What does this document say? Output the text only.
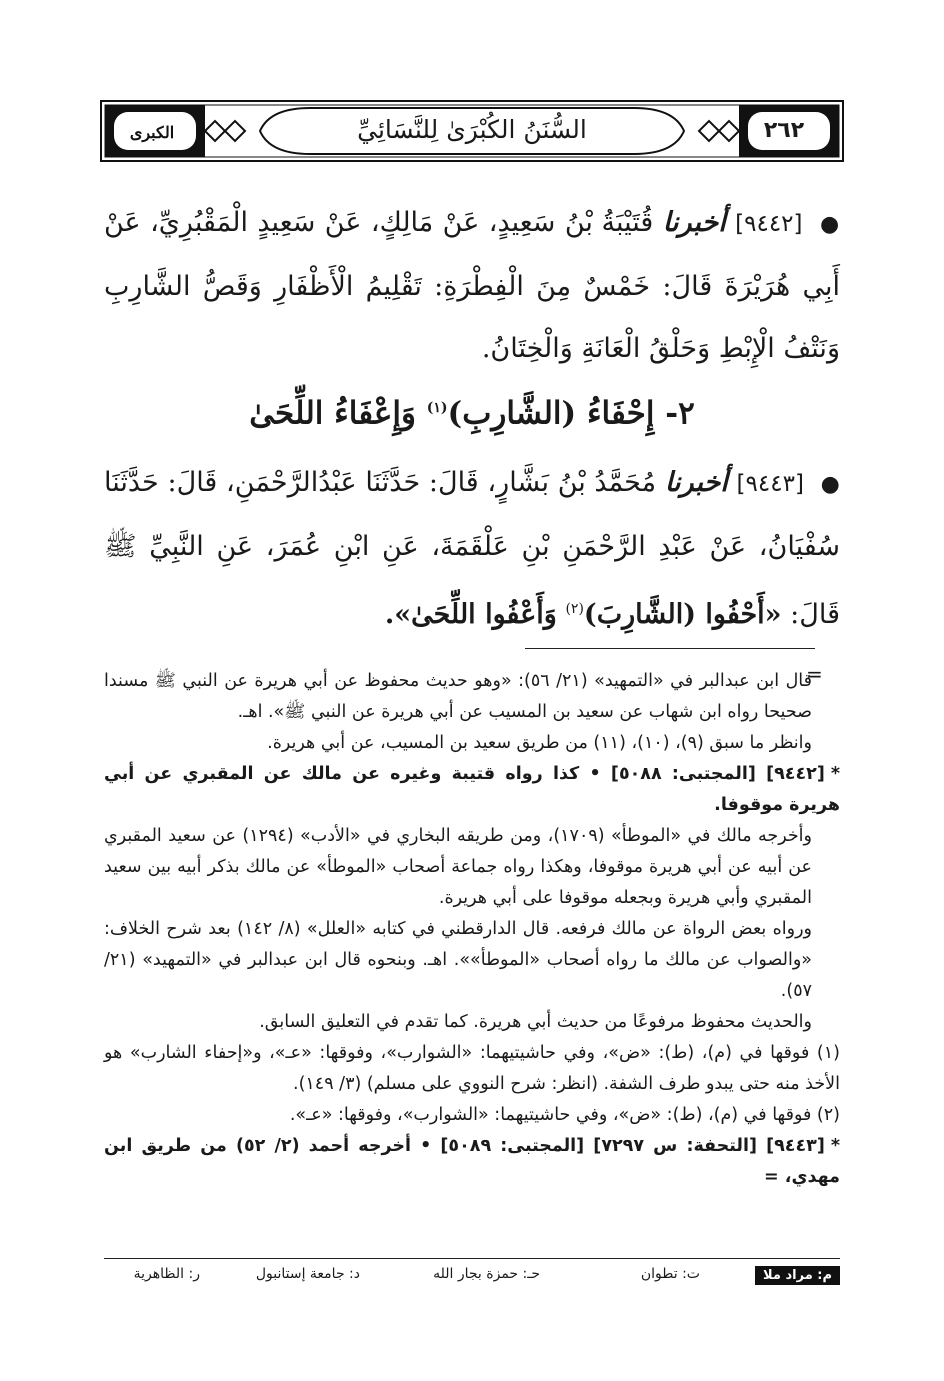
الكبرى	السُّنَنُ الكُبْرَىٰ لِلنَّسَائِيِّ	٢٦٢
● [٩٤٤٢] أخبرنا قُتَيْبَةُ بْنُ سَعِيدٍ، عَنْ مَالِكٍ، عَنْ سَعِيدٍ الْمَقْبُرِيِّ، عَنْ أَبِي هُرَيْرَةَ قَالَ: خَمْسٌ مِنَ الْفِطْرَةِ: تَقْلِيمُ الْأَظْفَارِ وَقَصُّ الشَّارِبِ وَنَتْفُ الْإِبْطِ وَحَلْقُ الْعَانَةِ وَالْخِتَانُ.
٢- إِحْفَاءُ (الشَّارِبِ)$^{(١)}$ وَإِعْفَاءُ اللِّحَىٰ
● [٩٤٤٣] أخبرنا مُحَمَّدُ بْنُ بَشَّارٍ، قَالَ: حَدَّثَنَا عَبْدُالرَّحْمَنِ، قَالَ: حَدَّثَنَا سُفْيَانُ، عَنْ عَبْدِ الرَّحْمَنِ بْنِ عَلْقَمَةَ، عَنِ ابْنِ عُمَرَ، عَنِ النَّبِيِّ ﷺ قَالَ: «أَحْفُوا (الشَّارِبَ)$^{(٢)}$ وَأَعْفُوا اللِّحَىٰ».
=
قال ابن عبدالبر في «التمهيد» (٢١/ ٥٦): «وهو حديث محفوظ عن أبي هريرة عن النبي ﷺ مسندا صحيحا رواه ابن شهاب عن سعيد بن المسيب عن أبي هريرة عن النبي ﷺ». اهـ.
وانظر ما سبق (٩)، (١٠)، (١١) من طريق سعيد بن المسيب، عن أبي هريرة.
*[٩٤٤٢] [المجتبى: ٥٠٨٨] • كذا رواه قتيبة وغيره عن مالك عن المقبري عن أبي هريرة موقوفا.
وأخرجه مالك في «الموطأ» (١٧٠٩)، ومن طريقه البخاري في «الأدب» (١٢٩٤) عن سعيد المقبري عن أبيه عن أبي هريرة موقوفا، وهكذا رواه جماعة أصحاب «الموطأ» عن مالك بذكر أبيه بين سعيد المقبري وأبي هريرة وبجعله موقوفا على أبي هريرة.
ورواه بعض الرواة عن مالك فرفعه. قال الدارقطني في كتابه «العلل» (٨/ ١٤٢) بعد شرح الخلاف: «والصواب عن مالك ما رواه أصحاب «الموطأ»». اهـ. وبنحوه قال ابن عبدالبر في «التمهيد» (٢١/ ٥٧).
والحديث محفوظ مرفوعًا من حديث أبي هريرة. كما تقدم في التعليق السابق.
(١) فوقها في (م)، (ط): «ض»، وفي حاشيتيهما: «الشوارب»، وفوقها: «عـ»، و«إحفاء الشارب» هو الأخذ منه حتى يبدو طرف الشفة. (انظر: شرح النووي على مسلم) (٣/ ١٤٩).
(٢) فوقها في (م)، (ط): «ض»، وفي حاشيتيهما: «الشوارب»، وفوقها: «عـ».
*[٩٤٤٣] [التحفة: س ٧٢٩٧] [المجتبى: ٥٠٨٩] • أخرجه أحمد (٢/ ٥٢) من طريق ابن مهدي، =
م: مراد ملا
ت: تطوان
حـ: حمزة بجار الله
د: جامعة إستانبول
ر: الظاهرية
